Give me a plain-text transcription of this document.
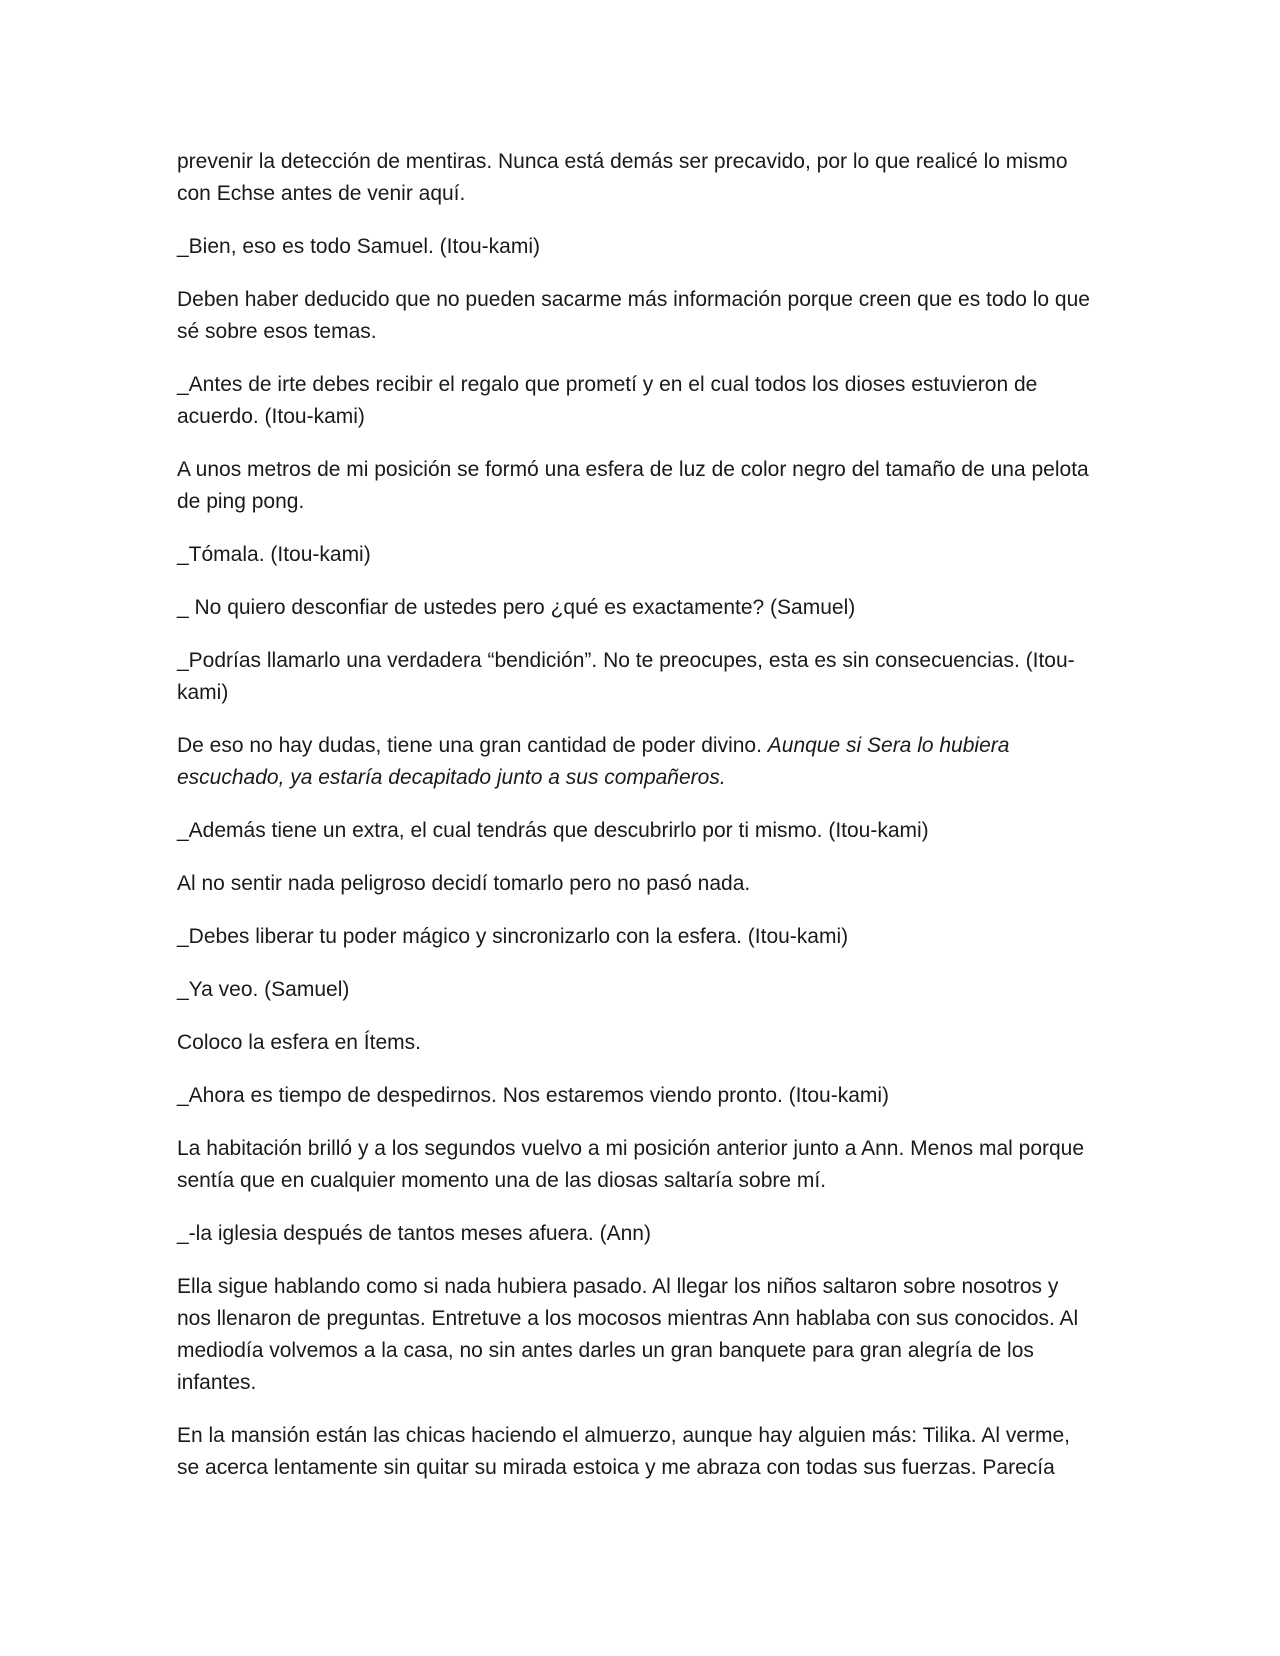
prevenir la detección de mentiras. Nunca está demás ser precavido, por lo que realicé lo mismo con Echse antes de venir aquí.

_Bien, eso es todo Samuel. (Itou-kami)

Deben haber deducido que no pueden sacarme más información porque creen que es todo lo que sé sobre esos temas.

_Antes de irte debes recibir el regalo que prometí y en el cual todos los dioses estuvieron de acuerdo. (Itou-kami)

A unos metros de mi posición se formó una esfera de luz de color negro del tamaño de una pelota de ping pong.

_Tómala. (Itou-kami)

_ No quiero desconfiar de ustedes pero ¿qué es exactamente? (Samuel)

_Podrías llamarlo una verdadera “bendición”. No te preocupes, esta es sin consecuencias. (Itou-kami)

De eso no hay dudas, tiene una gran cantidad de poder divino. Aunque si Sera lo hubiera escuchado, ya estaría decapitado junto a sus compañeros.

_Además tiene un extra, el cual tendrás que descubrirlo por ti mismo. (Itou-kami)

Al no sentir nada peligroso decidí tomarlo pero no pasó nada.

_Debes liberar tu poder mágico y sincronizarlo con la esfera. (Itou-kami)

_Ya veo. (Samuel)

Coloco la esfera en Ítems.

_Ahora es tiempo de despedirnos. Nos estaremos viendo pronto. (Itou-kami)

La habitación brilló y a los segundos vuelvo a mi posición anterior junto a Ann. Menos mal porque sentía que en cualquier momento una de las diosas saltaría sobre mí.

_-la iglesia después de tantos meses afuera. (Ann)

Ella sigue hablando como si nada hubiera pasado. Al llegar los niños saltaron sobre nosotros y nos llenaron de preguntas. Entretuve a los mocosos mientras Ann hablaba con sus conocidos. Al mediodía volvemos a la casa, no sin antes darles un gran banquete para gran alegría de los infantes.

En la mansión están las chicas haciendo el almuerzo, aunque hay alguien más: Tilika. Al verme, se acerca lentamente sin quitar su mirada estoica y me abraza con todas sus fuerzas. Parecía
